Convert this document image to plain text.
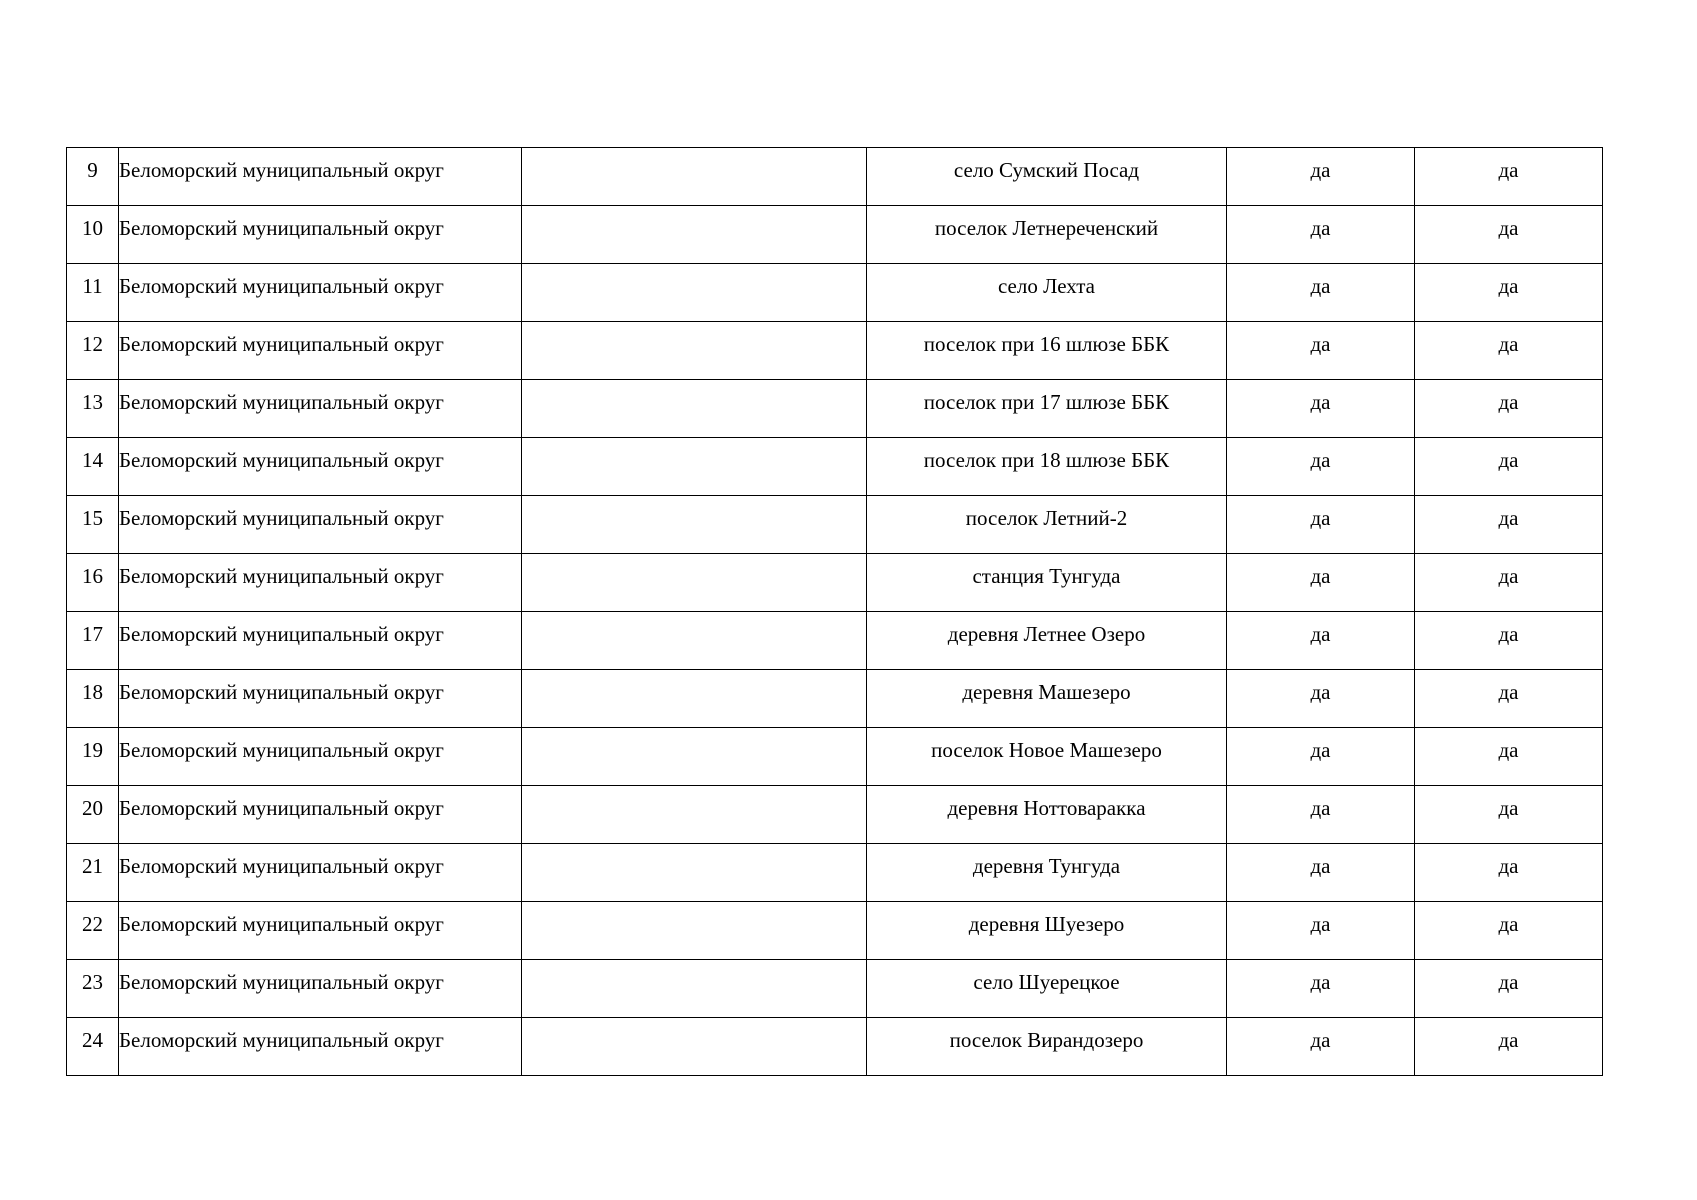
9	Беломорский муниципальный округ		село Сумский Посад	да	да
10	Беломорский муниципальный округ		поселок Летнереченский	да	да
11	Беломорский муниципальный округ		село Лехта	да	да
12	Беломорский муниципальный округ		поселок при 16 шлюзе ББК	да	да
13	Беломорский муниципальный округ		поселок при 17 шлюзе ББК	да	да
14	Беломорский муниципальный округ		поселок при 18 шлюзе ББК	да	да
15	Беломорский муниципальный округ		поселок Летний-2	да	да
16	Беломорский муниципальный округ		станция Тунгуда	да	да
17	Беломорский муниципальный округ		деревня Летнее Озеро	да	да
18	Беломорский муниципальный округ		деревня Машезеро	да	да
19	Беломорский муниципальный округ		поселок Новое Машезеро	да	да
20	Беломорский муниципальный округ		деревня Ноттоваракка	да	да
21	Беломорский муниципальный округ		деревня Тунгуда	да	да
22	Беломорский муниципальный округ		деревня Шуезеро	да	да
23	Беломорский муниципальный округ		село Шуерецкое	да	да
24	Беломорский муниципальный округ		поселок Вирандозеро	да	да
